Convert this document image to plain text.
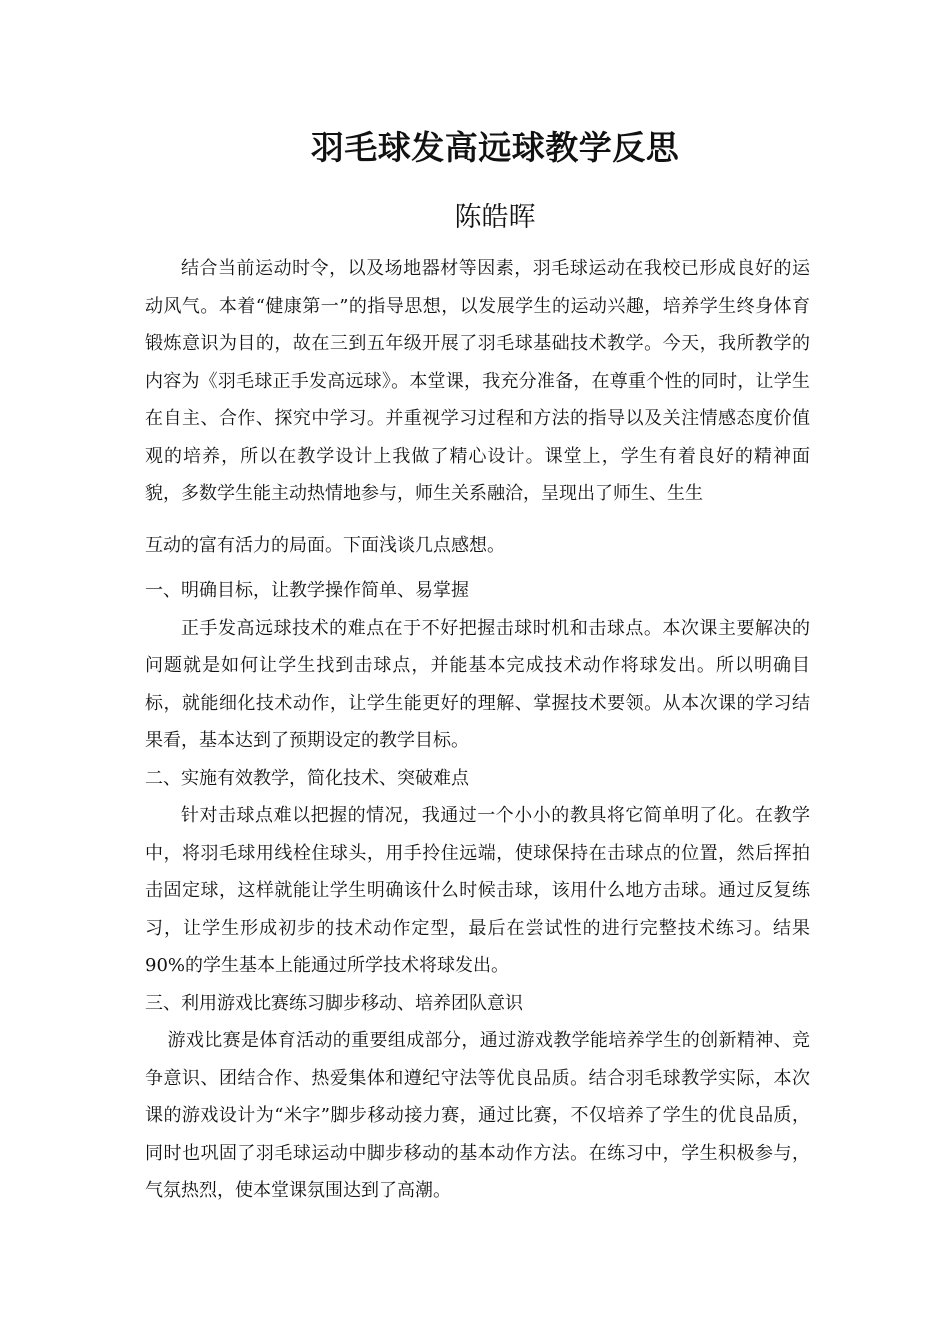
羽毛球发高远球教学反思
陈皓晖

结合当前运动时令，以及场地器材等因素，羽毛球运动在我校已形成良好的运动风气。本着“健康第一”的指导思想，以发展学生的运动兴趣，培养学生终身体育锻炼意识为目的，故在三到五年级开展了羽毛球基础技术教学。今天，我所教学的内容为《羽毛球正手发高远球》。本堂课，我充分准备，在尊重个性的同时，让学生在自主、合作、探究中学习。并重视学习过程和方法的指导以及关注情感态度价值观的培养，所以在教学设计上我做了精心设计。课堂上，学生有着良好的精神面貌，多数学生能主动热情地参与，师生关系融洽，呈现出了师生、生生

互动的富有活力的局面。下面浅谈几点感想。

一、明确目标，让教学操作简单、易掌握

正手发高远球技术的难点在于不好把握击球时机和击球点。本次课主要解决的问题就是如何让学生找到击球点，并能基本完成技术动作将球发出。所以明确目标，就能细化技术动作，让学生能更好的理解、掌握技术要领。从本次课的学习结果看，基本达到了预期设定的教学目标。

二、实施有效教学，简化技术、突破难点

针对击球点难以把握的情况，我通过一个小小的教具将它简单明了化。在教学中，将羽毛球用线栓住球头，用手拎住远端，使球保持在击球点的位置，然后挥拍击固定球，这样就能让学生明确该什么时候击球，该用什么地方击球。通过反复练习，让学生形成初步的技术动作定型，最后在尝试性的进行完整技术练习。结果90%的学生基本上能通过所学技术将球发出。

三、利用游戏比赛练习脚步移动、培养团队意识

游戏比赛是体育活动的重要组成部分，通过游戏教学能培养学生的创新精神、竞争意识、团结合作、热爱集体和遵纪守法等优良品质。结合羽毛球教学实际，本次课的游戏设计为“米字”脚步移动接力赛，通过比赛，不仅培养了学生的优良品质，同时也巩固了羽毛球运动中脚步移动的基本动作方法。在练习中，学生积极参与，气氛热烈，使本堂课氛围达到了高潮。
